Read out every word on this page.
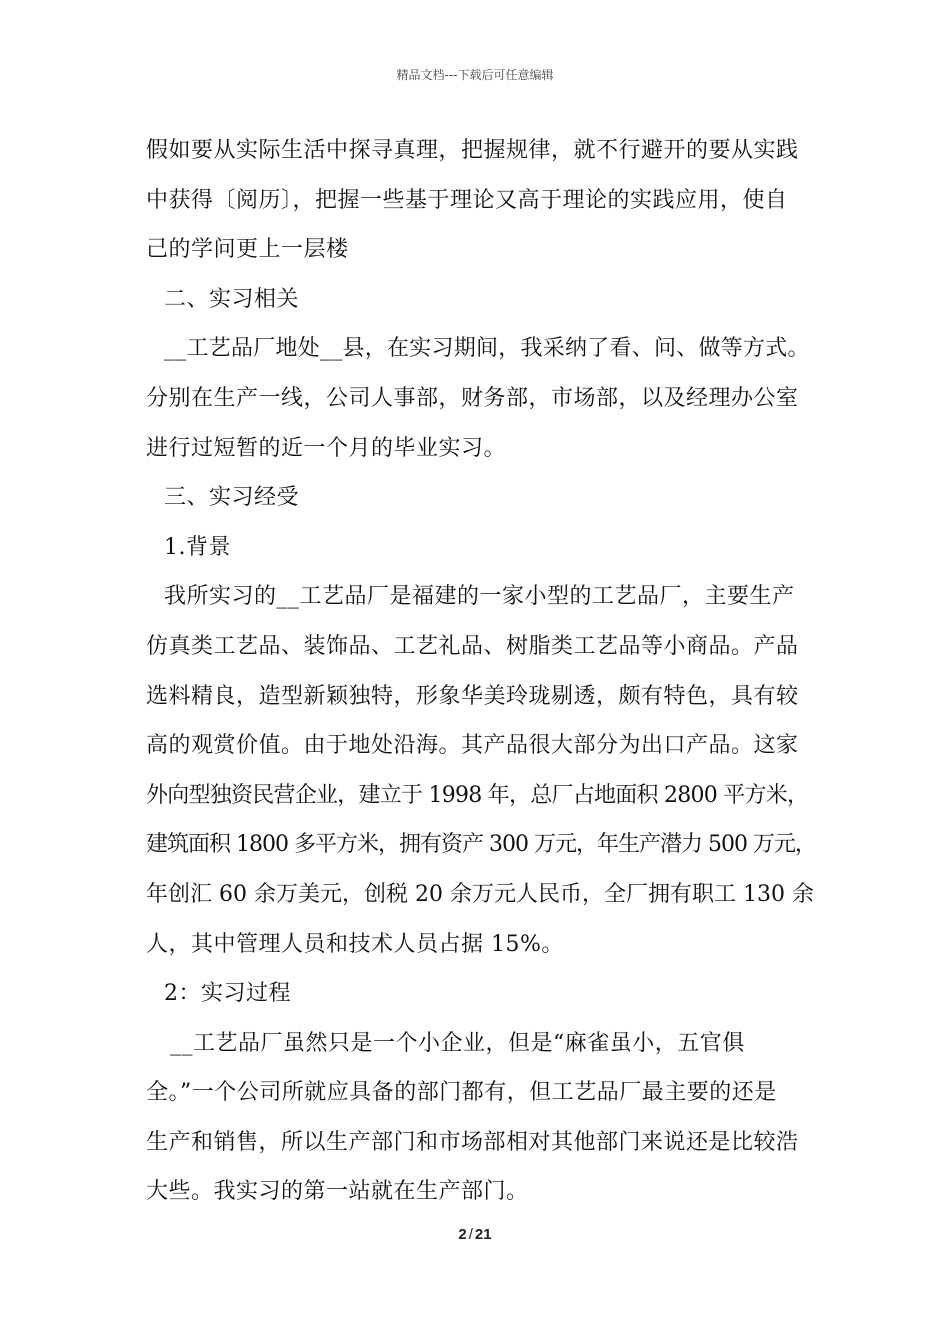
精品文档---下载后可任意编辑
假如要从实际生活中探寻真理，把握规律，就不行避开的要从实践
中获得〔阅历〕，把握一些基于理论又高于理论的实践应用，使自
己的学问更上一层楼
二、实习相关
__工艺品厂地处__县，在实习期间，我采纳了看、问、做等方式。
分别在生产一线，公司人事部，财务部，市场部，以及经理办公室
进行过短暂的近一个月的毕业实习。
三、实习经受
1.背景
我所实习的__工艺品厂是福建的一家小型的工艺品厂，主要生产
仿真类工艺品、装饰品、工艺礼品、树脂类工艺品等小商品。产品
选料精良，造型新颖独特，形象华美玲珑剔透，颇有特色，具有较
高的观赏价值。由于地处沿海。其产品很大部分为出口产品。这家
外向型独资民营企业，建立于 1998 年，总厂占地面积 2800 平方米，
建筑面积 1800 多平方米，拥有资产 300 万元，年生产潜力 500 万元，
年创汇 60 余万美元，创税 20 余万元人民币，全厂拥有职工 130 余
人，其中管理人员和技术人员占据 15%。
2：实习过程
__工艺品厂虽然只是一个小企业，但是“麻雀虽小，五官俱
全。”一个公司所就应具备的部门都有，但工艺品厂最主要的还是
生产和销售，所以生产部门和市场部相对其他部门来说还是比较浩
大些。我实习的第一站就在生产部门。
2 / 21
